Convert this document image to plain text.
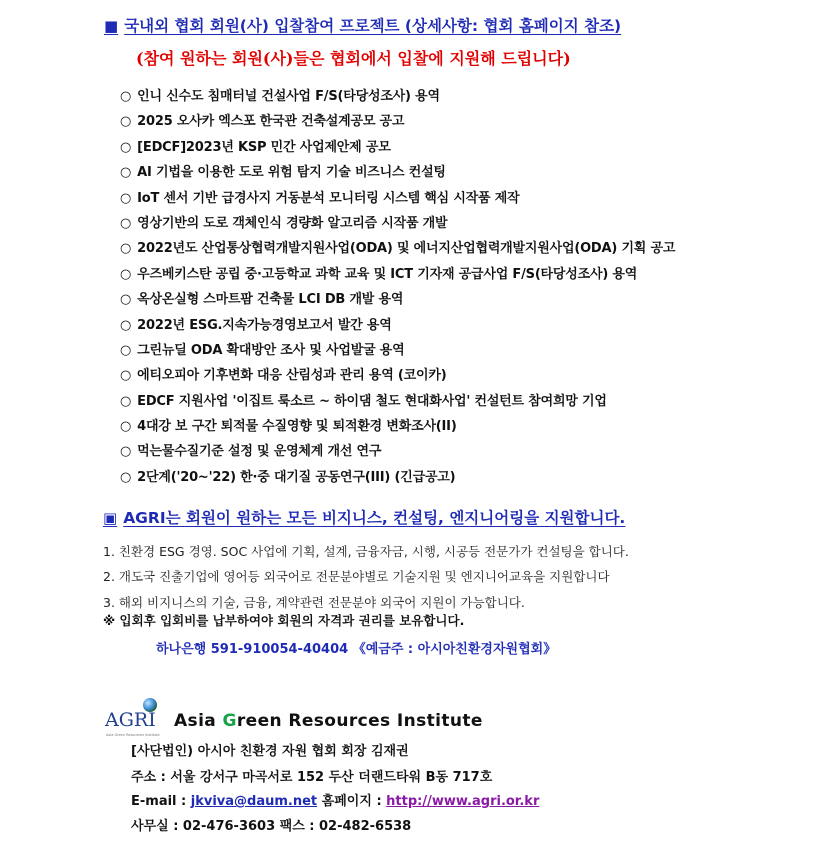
■ 국내외 협회 회원(사) 입찰참여 프로젝트 (상세사항: 협회 홈페이지 참조)
(참여 원하는 회원(사)들은 협회에서 입찰에 지원해 드립니다)
○ 인니 신수도 침매터널 건설사업 F/S(타당성조사) 용역
○ 2025 오사카 엑스포 한국관 건축설계공모 공고
○ [EDCF]2023년 KSP 민간 사업제안제 공모
○ AI 기법을 이용한 도로 위험 탐지 기술 비즈니스 컨설팅
○ IoT 센서 기반 급경사지 거동분석 모니터링 시스템 핵심 시작품 제작
○ 영상기반의 도로 객체인식 경량화 알고리즘 시작품 개발
○ 2022년도 산업통상협력개발지원사업(ODA) 및 에너지산업협력개발지원사업(ODA) 기획 공고
○ 우즈베키스탄 공립 중·고등학교 과학 교육 및 ICT 기자재 공급사업 F/S(타당성조사) 용역
○ 옥상온실형 스마트팜 건축물 LCI DB 개발 용역
○ 2022년 ESG.지속가능경영보고서 발간 용역
○ 그린뉴딜 ODA 확대방안 조사 및 사업발굴 용역
○ 에티오피아 기후변화 대응 산림성과 관리 용역 (코이카)
○ EDCF 지원사업 '이집트 룩소르 ~ 하이댐 철도 현대화사업' 컨설턴트 참여희망 기업
○ 4대강 보 구간 퇴적물 수질영향 및 퇴적환경 변화조사(II)
○ 먹는물수질기준 설정 및 운영체계 개선 연구
○ 2단계('20~'22) 한·중 대기질 공동연구(III) (긴급공고)
▣ AGRI는 회원이 원하는 모든 비지니스, 컨설팅, 엔지니어링을 지원합니다.
1. 친환경 ESG 경영. SOC 사업에 기획, 설계, 금융자금, 시행, 시공등 전문가가 컨설팅을 합니다.
2. 개도국 진출기업에 영어등 외국어로 전문분야별로 기술지원 및 엔지니어교육을 지원합니다
3. 해외 비지니스의 기술, 금융, 계약관련 전문분야 외국어 지원이 가능합니다.
※ 입회후 입회비를 납부하여야 회원의 자격과 권리를 보유합니다.
하나은행 591-910054-40404 《예금주 : 아시아친환경자원협회》
AGRI
Asia Green Resources Institute
Asia Green Resources Institute
[사단법인) 아시아 친환경 자원 협회 회장 김재권
주소 : 서울 강서구 마곡서로 152 두산 더랜드타워 B동 717호
E-mail : jkviva@daum.net 홈페이지 : http://www.agri.or.kr
사무실 : 02-476-3603 팩스 : 02-482-6538
